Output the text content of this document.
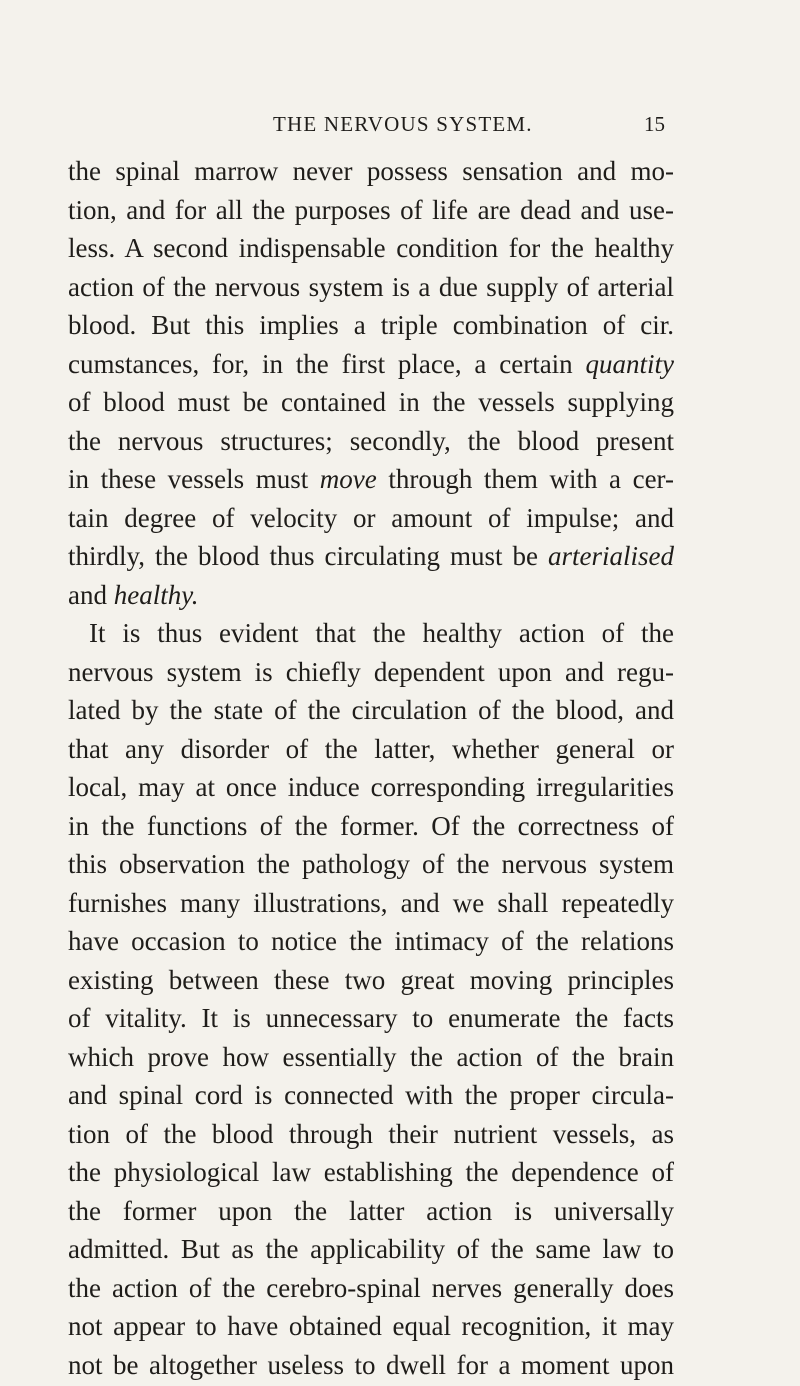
THE NERVOUS SYSTEM.	15
the spinal marrow never possess sensation and mo-
tion, and for all the purposes of life are dead and use-
less. A second indispensable condition for the healthy
action of the nervous system is a due supply of arterial
blood. But this implies a triple combination of cir.
cumstances, for, in the first place, a certain quantity
of blood must be contained in the vessels supplying
the nervous structures; secondly, the blood present
in these vessels must move through them with a cer-
tain degree of velocity or amount of impulse; and
thirdly, the blood thus circulating must be arterialised
and healthy.
It is thus evident that the healthy action of the
nervous system is chiefly dependent upon and regu-
lated by the state of the circulation of the blood, and
that any disorder of the latter, whether general or
local, may at once induce corresponding irregularities
in the functions of the former. Of the correctness of
this observation the pathology of the nervous system
furnishes many illustrations, and we shall repeatedly
have occasion to notice the intimacy of the relations
existing between these two great moving principles
of vitality. It is unnecessary to enumerate the facts
which prove how essentially the action of the brain
and spinal cord is connected with the proper circula-
tion of the blood through their nutrient vessels, as
the physiological law establishing the dependence of
the former upon the latter action is universally
admitted. But as the applicability of the same law to
the action of the cerebro-spinal nerves generally does
not appear to have obtained equal recognition, it may
not be altogether useless to dwell for a moment upon
